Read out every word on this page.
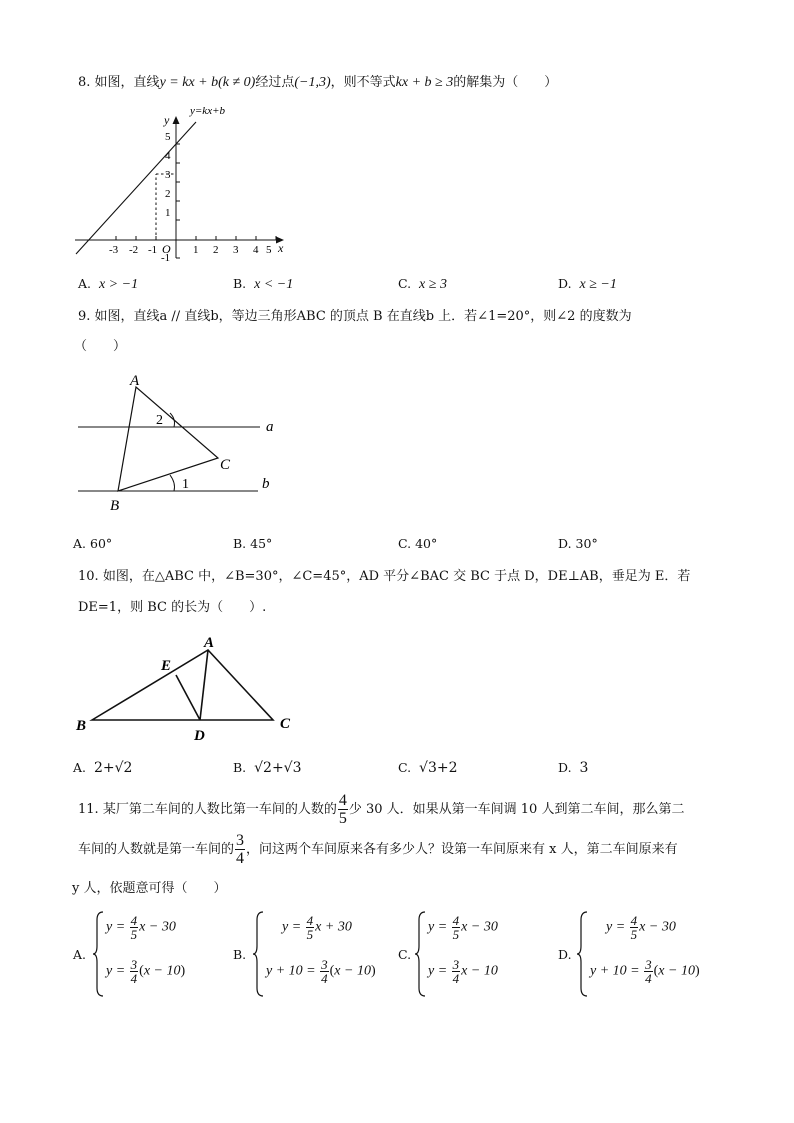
8. 如图，直线y = kx + b(k ≠ 0)经过点(−1,3)，则不等式kx + b ≥ 3的解集为（　　）
y=kx+b
y
x
O
-3 -2 -1	1 2 3 4 5
5
4
3
2
1
-1
A. x > −1	B. x < −1	C. x ≥ 3	D. x ≥ −1
9. 如图，直线a // 直线b，等边三角形ABC 的顶点 B 在直线b 上．若∠1=20°，则∠2 的度数为
（　　）
A
B
C
a
b
1
2
A. 60°	B. 45°	C. 40°	D. 30°
10. 如图，在△ABC 中，∠B=30°，∠C=45°，AD 平分∠BAC 交 BC 于点 D，DE⊥AB，垂足为 E．若
DE=1，则 BC 的长为（　　）.
A
B	C
D
E
A. 2+√2	B. √2+√3	C. √3+2	D. 3
11. 某厂第二车间的人数比第一车间的人数的 $\frac{4}{5}$ 少 30 人．如果从第一车间调 10 人到第二车间，那么第二
车间的人数就是第一车间的 $\frac{3}{4}$ ，问这两个车间原来各有多少人？设第一车间原来有 x 人，第二车间原来有
y 人，依题意可得（　　）
A.	B.	C.	D.
$y = \frac{4}{5}$ x − 30
$y = \frac{3}{4} (x - 10)$
$y = \frac{4}{5}$ x + 30
$y + 10 = \frac{3}{4} (x - 10)$
$y = \frac{4}{5}$ x − 30
$y = \frac{3}{4}$ x − 10
$y = \frac{4}{5}$ x − 30
$y + 10 = \frac{3}{4} (x - 10)$
